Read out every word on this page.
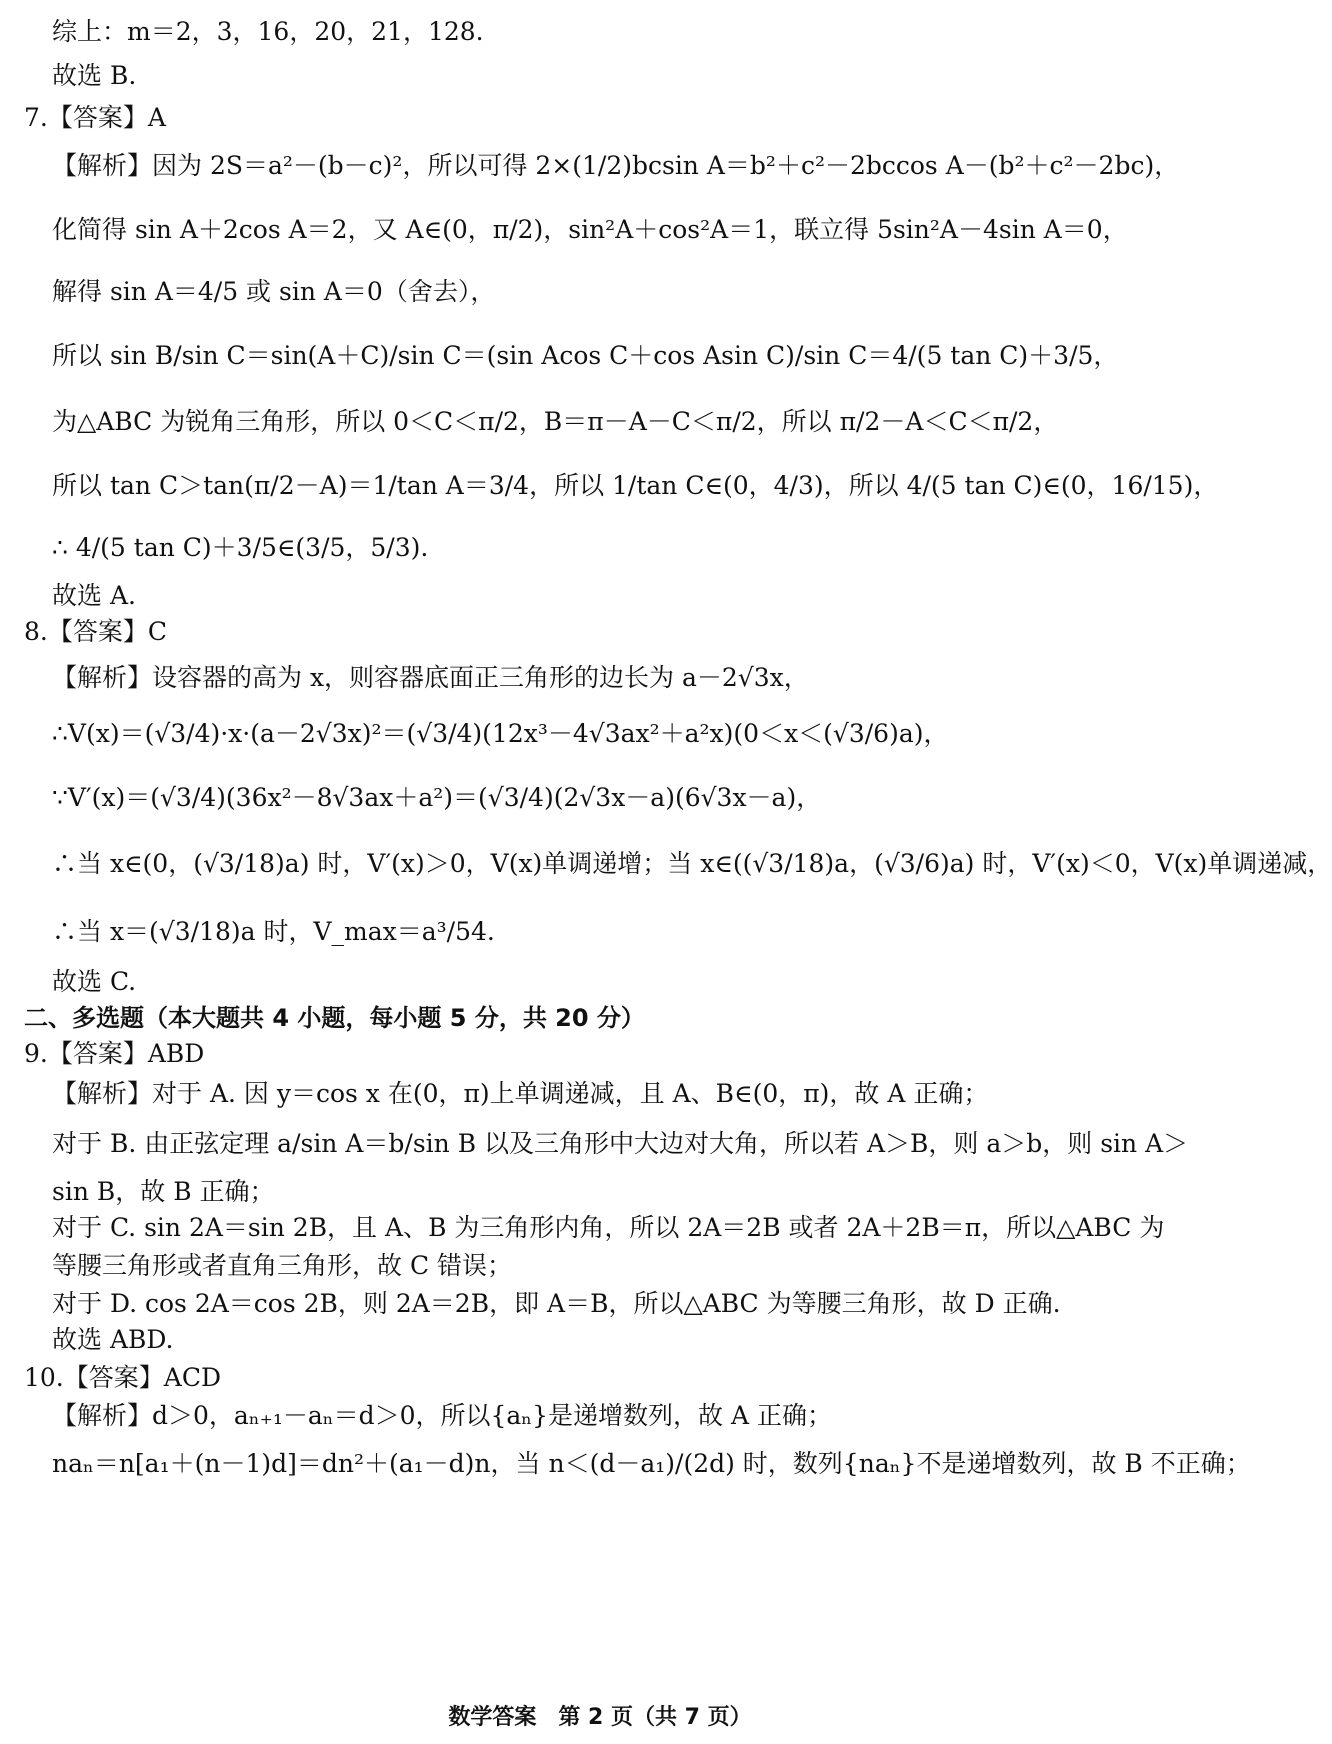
综上：m＝2，3，16，20，21，128.
故选 B.
7.【答案】A
【解析】因为 2S＝a²－(b－c)²，所以可得 2×(1/2)bcsin A＝b²＋c²－2bccos A－(b²＋c²－2bc)，
化简得 sin A＋2cos A＝2，又 A∈(0，π/2)，sin²A＋cos²A＝1，联立得 5sin²A－4sin A＝0，
解得 sin A＝4/5 或 sin A＝0（舍去），
所以 sin B/sin C＝sin(A＋C)/sin C＝(sin Acos C＋cos Asin C)/sin C＝4/(5 tan C)＋3/5，
为△ABC 为锐角三角形，所以 0＜C＜π/2，B＝π－A－C＜π/2，所以 π/2－A＜C＜π/2，
所以 tan C＞tan(π/2－A)＝1/tan A＝3/4，所以 1/tan C∈(0，4/3)，所以 4/(5 tan C)∈(0，16/15)，
∴ 4/(5 tan C)＋3/5∈(3/5，5/3).
故选 A.
8.【答案】C
【解析】设容器的高为 x，则容器底面正三角形的边长为 a－2√3x，
∴V(x)＝(√3/4)·x·(a－2√3x)²＝(√3/4)(12x³－4√3ax²＋a²x)(0＜x＜(√3/6)a)，
∵V′(x)＝(√3/4)(36x²－8√3ax＋a²)＝(√3/4)(2√3x－a)(6√3x－a)，
∴当 x∈(0，(√3/18)a) 时，V′(x)＞0，V(x)单调递增；当 x∈((√3/18)a，(√3/6)a) 时，V′(x)＜0，V(x)单调递减，
∴当 x＝(√3/18)a 时，V_max＝a³/54.
故选 C.
二、多选题（本大题共 4 小题，每小题 5 分，共 20 分）
9.【答案】ABD
【解析】对于 A. 因 y＝cos x 在(0，π)上单调递减，且 A、B∈(0，π)，故 A 正确；
对于 B. 由正弦定理 a/sin A＝b/sin B 以及三角形中大边对大角，所以若 A＞B，则 a＞b，则 sin A＞
sin B，故 B 正确；
对于 C. sin 2A＝sin 2B，且 A、B 为三角形内角，所以 2A＝2B 或者 2A＋2B＝π，所以△ABC 为
等腰三角形或者直角三角形，故 C 错误；
对于 D. cos 2A＝cos 2B，则 2A＝2B，即 A＝B，所以△ABC 为等腰三角形，故 D 正确.
故选 ABD.
10.【答案】ACD
【解析】d＞0，aₙ₊₁－aₙ＝d＞0，所以{aₙ}是递增数列，故 A 正确；
naₙ＝n[a₁＋(n－1)d]＝dn²＋(a₁－d)n，当 n＜(d－a₁)/(2d) 时，数列{naₙ}不是递增数列，故 B 不正确；
数学答案　第 2 页（共 7 页）
